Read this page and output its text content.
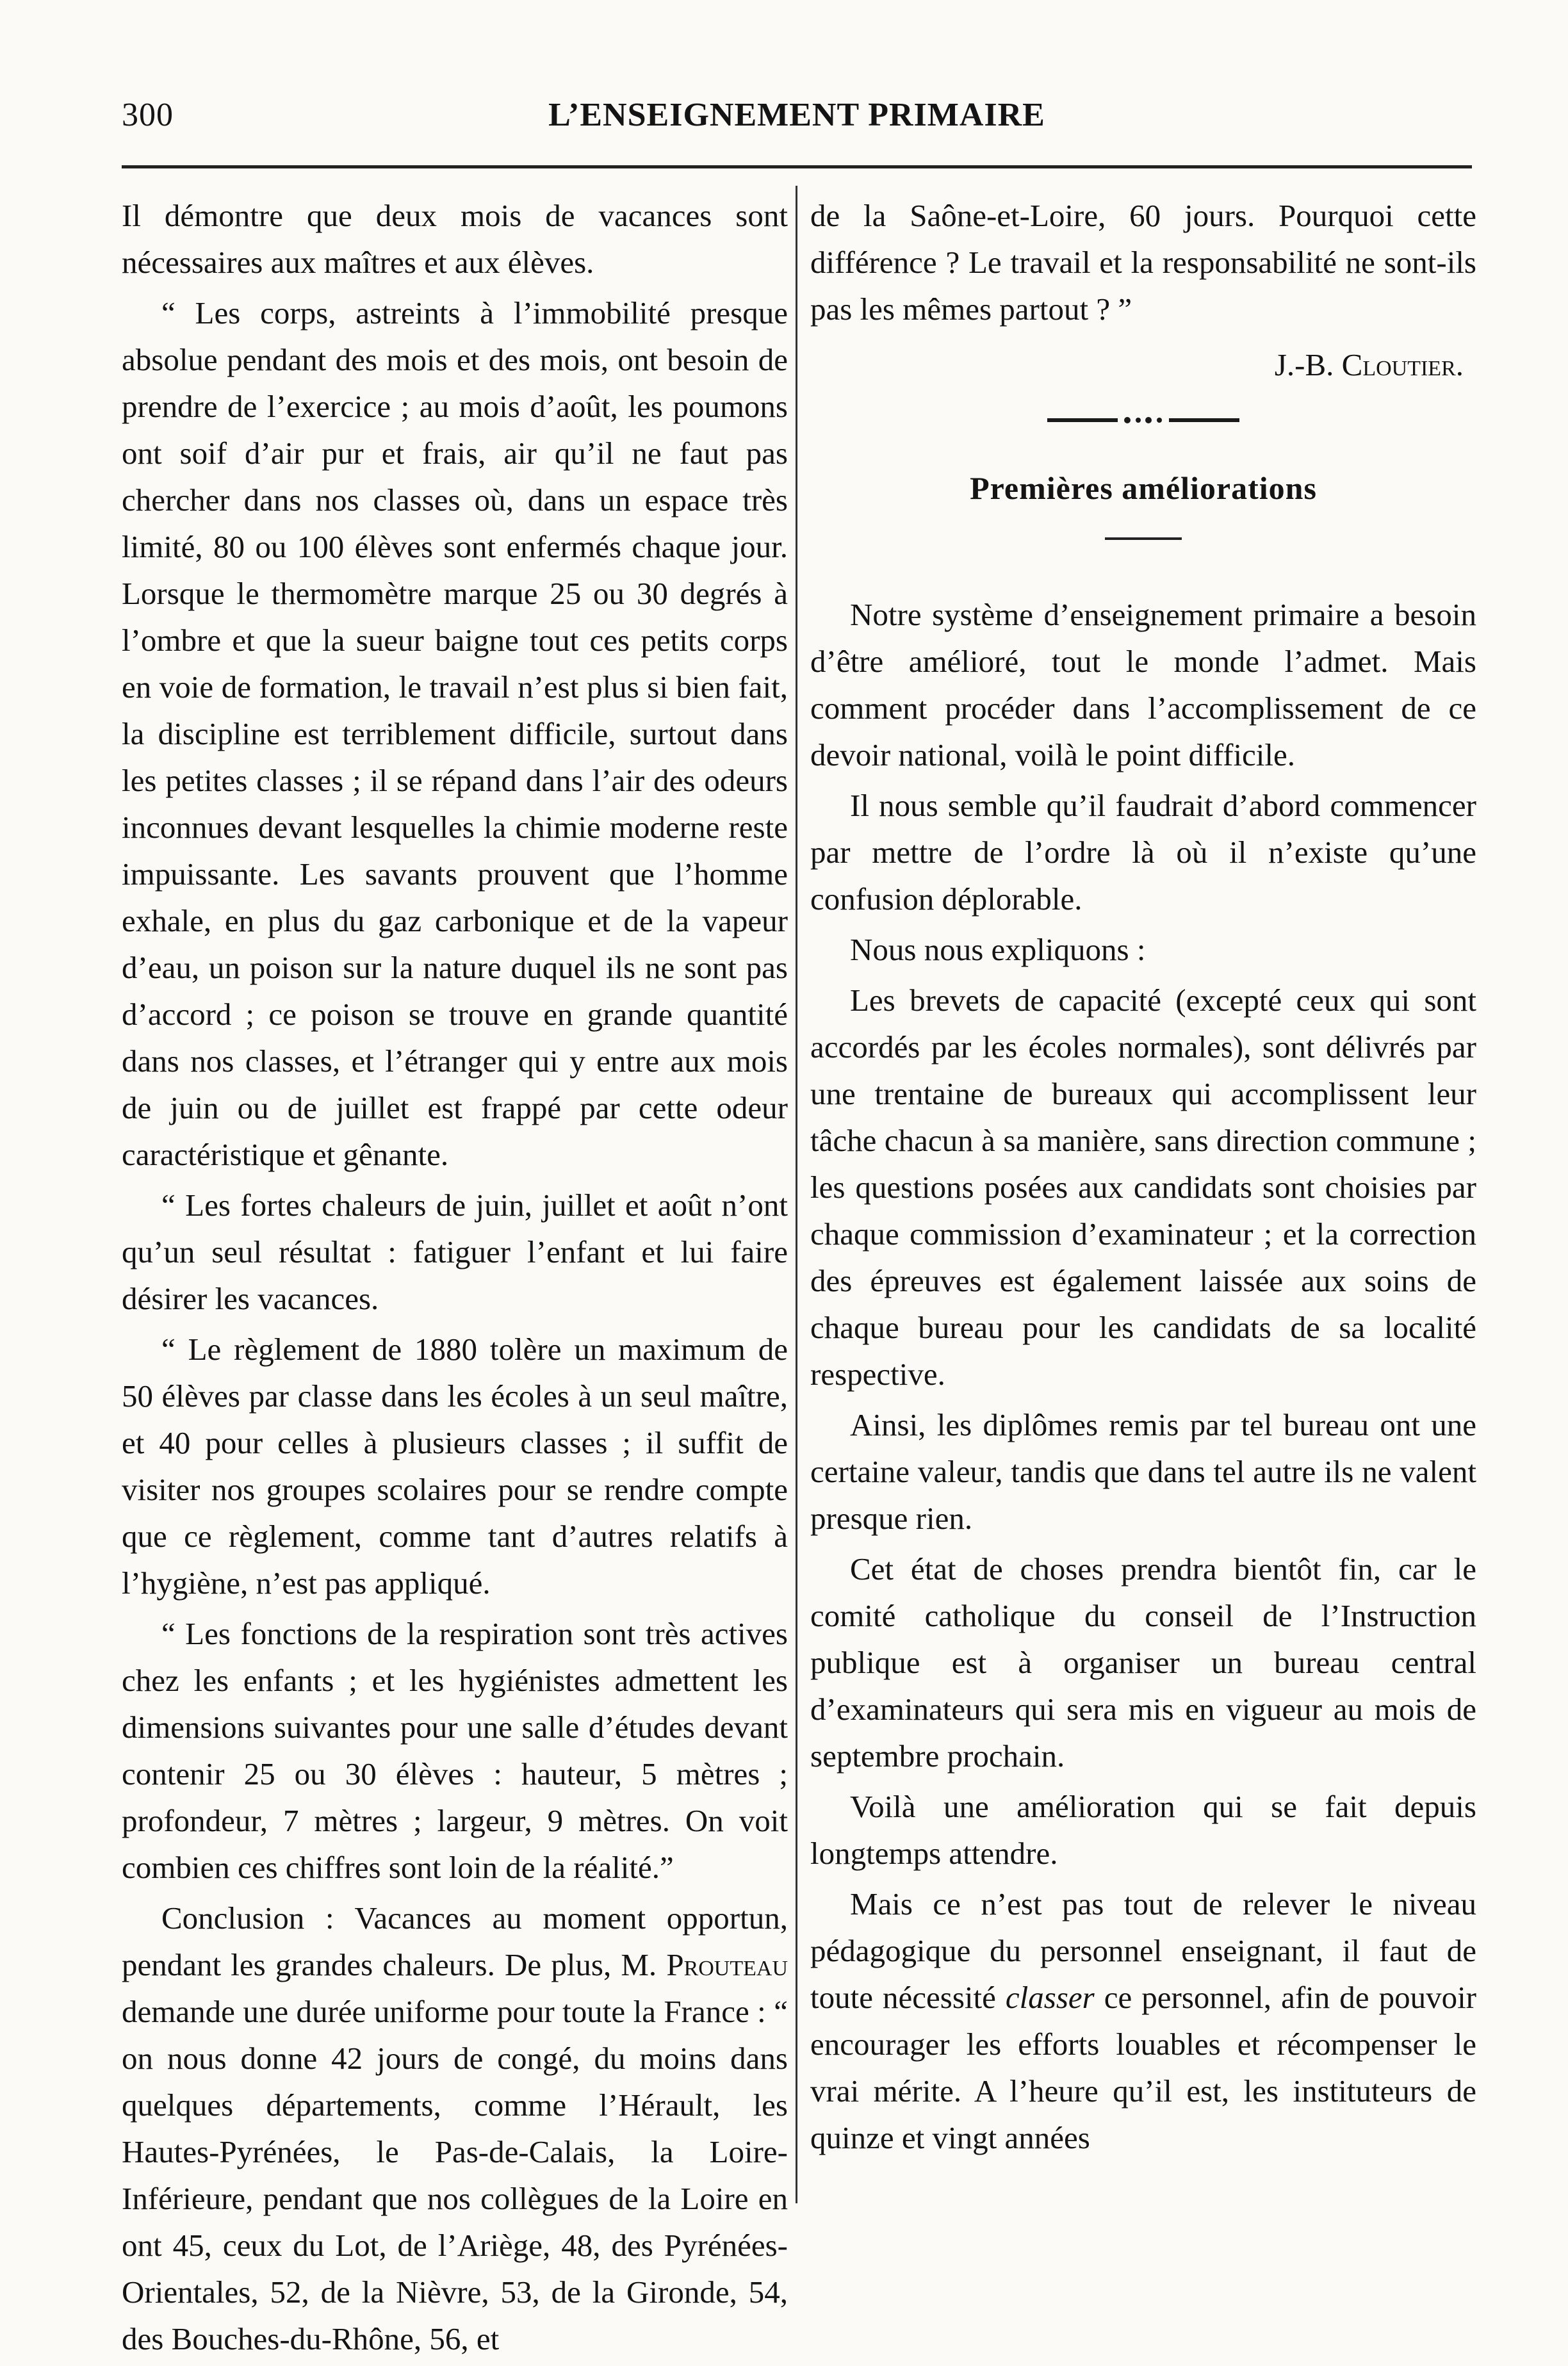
300	L’ENSEIGNEMENT PRIMAIRE

Il démontre que deux mois de vacances sont nécessaires aux maîtres et aux élèves.

“ Les corps, astreints à l’immobilité presque absolue pendant des mois et des mois, ont besoin de prendre de l’exercice ; au mois d’août, les poumons ont soif d’air pur et frais, air qu’il ne faut pas chercher dans nos classes où, dans un espace très limité, 80 ou 100 élèves sont enfermés chaque jour. Lorsque le thermomètre marque 25 ou 30 degrés à l’ombre et que la sueur baigne tout ces petits corps en voie de formation, le travail n’est plus si bien fait, la discipline est terriblement difficile, surtout dans les petites classes ; il se répand dans l’air des odeurs inconnues devant lesquelles la chimie moderne reste impuissante. Les savants prouvent que l’homme exhale, en plus du gaz carbonique et de la vapeur d’eau, un poison sur la nature duquel ils ne sont pas d’accord ; ce poison se trouve en grande quantité dans nos classes, et l’étranger qui y entre aux mois de juin ou de juillet est frappé par cette odeur caractéristique et gênante.

“ Les fortes chaleurs de juin, juillet et août n’ont qu’un seul résultat : fatiguer l’enfant et lui faire désirer les vacances.

“ Le règlement de 1880 tolère un maximum de 50 élèves par classe dans les écoles à un seul maître, et 40 pour celles à plusieurs classes ; il suffit de visiter nos groupes scolaires pour se rendre compte que ce règlement, comme tant d’autres relatifs à l’hygiène, n’est pas appliqué.

“ Les fonctions de la respiration sont très actives chez les enfants ; et les hygiénistes admettent les dimensions suivantes pour une salle d’études devant contenir 25 ou 30 élèves : hauteur, 5 mètres ; profondeur, 7 mètres ; largeur, 9 mètres. On voit combien ces chiffres sont loin de la réalité.”

Conclusion : Vacances au moment opportun, pendant les grandes chaleurs. De plus, M. Prouteau demande une durée uniforme pour toute la France : “ on nous donne 42 jours de congé, du moins dans quelques départements, comme l’Hérault, les Hautes-Pyrénées, le Pas-de-Calais, la Loire-Inférieure, pendant que nos collègues de la Loire en ont 45, ceux du Lot, de l’Ariège, 48, des Pyrénées-Orientales, 52, de la Nièvre, 53, de la Gironde, 54, des Bouches-du-Rhône, 56, et

de la Saône-et-Loire, 60 jours. Pourquoi cette différence ? Le travail et la responsabilité ne sont-ils pas les mêmes partout ? ”

J.-B. Cloutier.

Premières améliorations

Notre système d’enseignement primaire a besoin d’être amélioré, tout le monde l’admet. Mais comment procéder dans l’accomplissement de ce devoir national, voilà le point difficile.

Il nous semble qu’il faudrait d’abord commencer par mettre de l’ordre là où il n’existe qu’une confusion déplorable.

Nous nous expliquons :

Les brevets de capacité (excepté ceux qui sont accordés par les écoles normales), sont délivrés par une trentaine de bureaux qui accomplissent leur tâche chacun à sa manière, sans direction commune ; les questions posées aux candidats sont choisies par chaque commission d’examinateur ; et la correction des épreuves est également laissée aux soins de chaque bureau pour les candidats de sa localité respective.

Ainsi, les diplômes remis par tel bureau ont une certaine valeur, tandis que dans tel autre ils ne valent presque rien.

Cet état de choses prendra bientôt fin, car le comité catholique du conseil de l’Instruction publique est à organiser un bureau central d’examinateurs qui sera mis en vigueur au mois de septembre prochain.

Voilà une amélioration qui se fait depuis longtemps attendre.

Mais ce n’est pas tout de relever le niveau pédagogique du personnel enseignant, il faut de toute nécessité classer ce personnel, afin de pouvoir encourager les efforts louables et récompenser le vrai mérite. A l’heure qu’il est, les instituteurs de quinze et vingt années
